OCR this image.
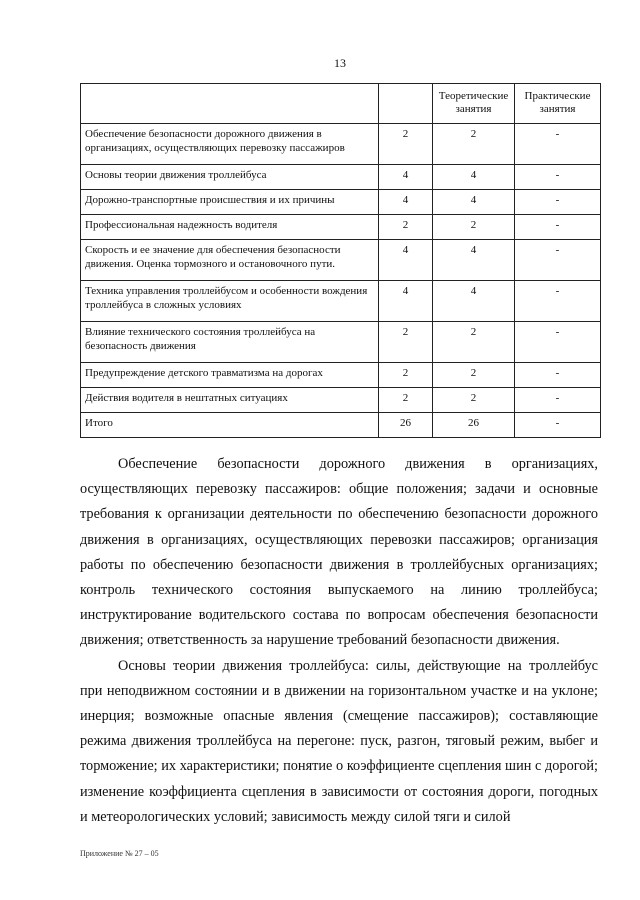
13
		Теоретические занятия	Практические занятия
Обеспечение безопасности дорожного движения в организациях, осуществляющих перевозку пассажиров	2	2	-
Основы теории движения троллейбуса	4	4	-
Дорожно-транспортные происшествия и их причины	4	4	-
Профессиональная надежность водителя	2	2	-
Скорость и ее значение для обеспечения безопасности движения. Оценка тормозного и остановочного пути.	4	4	-
Техника управления троллейбусом и особенности вождения троллейбуса в сложных условиях	4	4	-
Влияние технического состояния троллейбуса на безопасность движения	2	2	-
Предупреждение детского травматизма на дорогах	2	2	-
Действия водителя в нештатных ситуациях	2	2	-
Итого	26	26	-

Обеспечение безопасности дорожного движения в организациях, осуществляющих перевозку пассажиров: общие положения; задачи и основные требования к организации деятельности по обеспечению безопасности дорожного движения в организациях, осуществляющих перевозки пассажиров; организация работы по обеспечению безопасности движения в троллейбусных организациях; контроль технического состояния выпускаемого на линию троллейбуса; инструктирование водительского состава по вопросам обеспечения безопасности движения; ответственность за нарушение требований безопасности движения.

Основы теории движения троллейбуса: силы, действующие на троллейбус при неподвижном состоянии и в движении на горизонтальном участке и на уклоне; инерция; возможные опасные явления (смещение пассажиров); составляющие режима движения троллейбуса на перегоне: пуск, разгон, тяговый режим, выбег и торможение; их характеристики; понятие о коэффициенте сцепления шин с дорогой; изменение коэффициента сцепления в зависимости от состояния дороги, погодных и метеорологических условий; зависимость между силой тяги и силой

Приложение № 27 – 05
